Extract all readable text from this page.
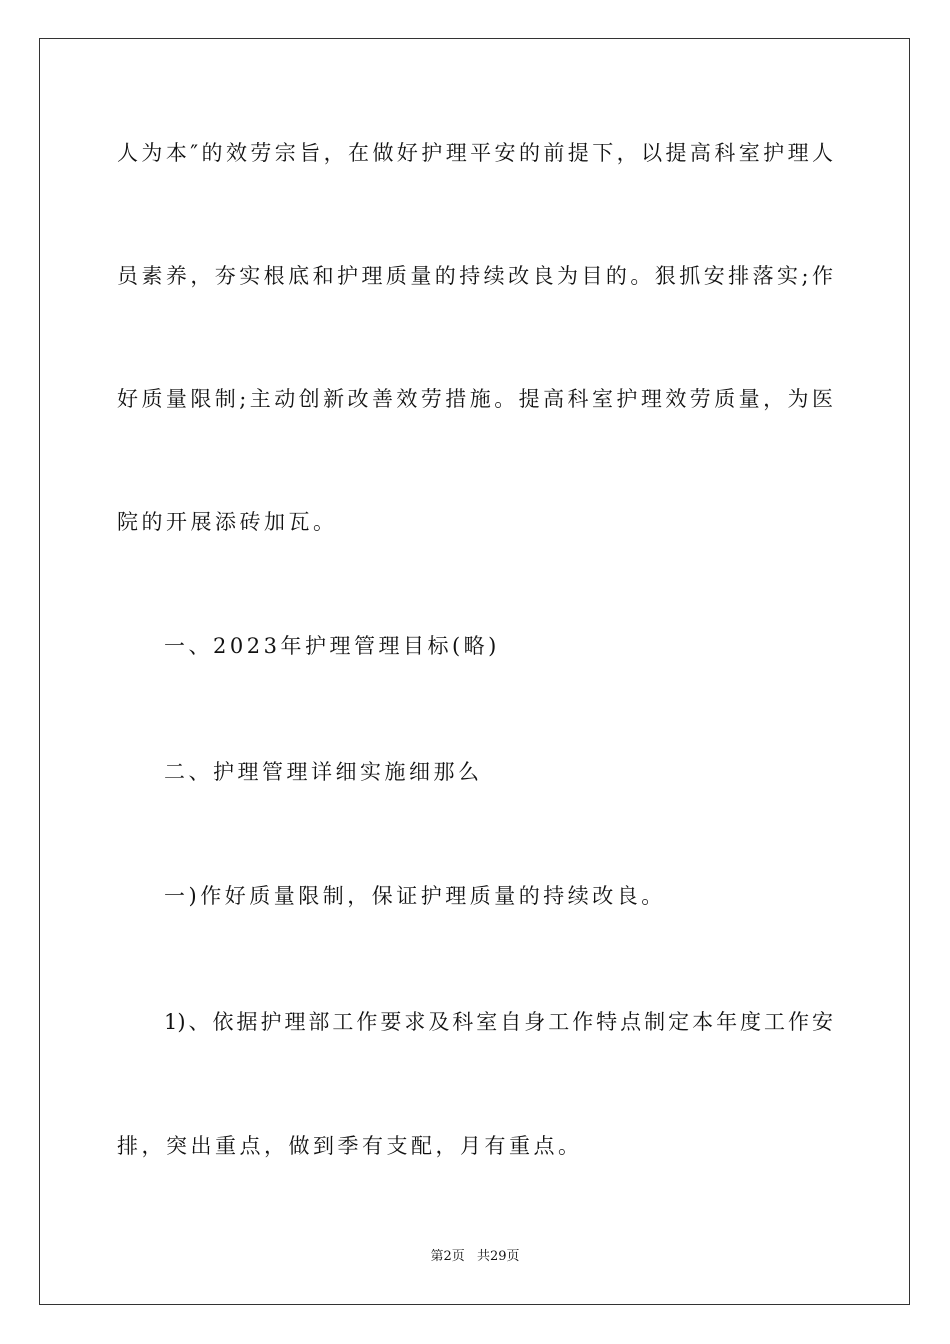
人为本″的效劳宗旨，在做好护理平安的前提下，以提高科室护理人
员素养，夯实根底和护理质量的持续改良为目的。狠抓安排落实;作
好质量限制;主动创新改善效劳措施。提高科室护理效劳质量，为医
院的开展添砖加瓦。
一、2023年护理管理目标(略)
二、护理管理详细实施细那么
一)作好质量限制，保证护理质量的持续改良。
1)、依据护理部工作要求及科室自身工作特点制定本年度工作安
排，突出重点，做到季有支配，月有重点。
第2页 共29页
